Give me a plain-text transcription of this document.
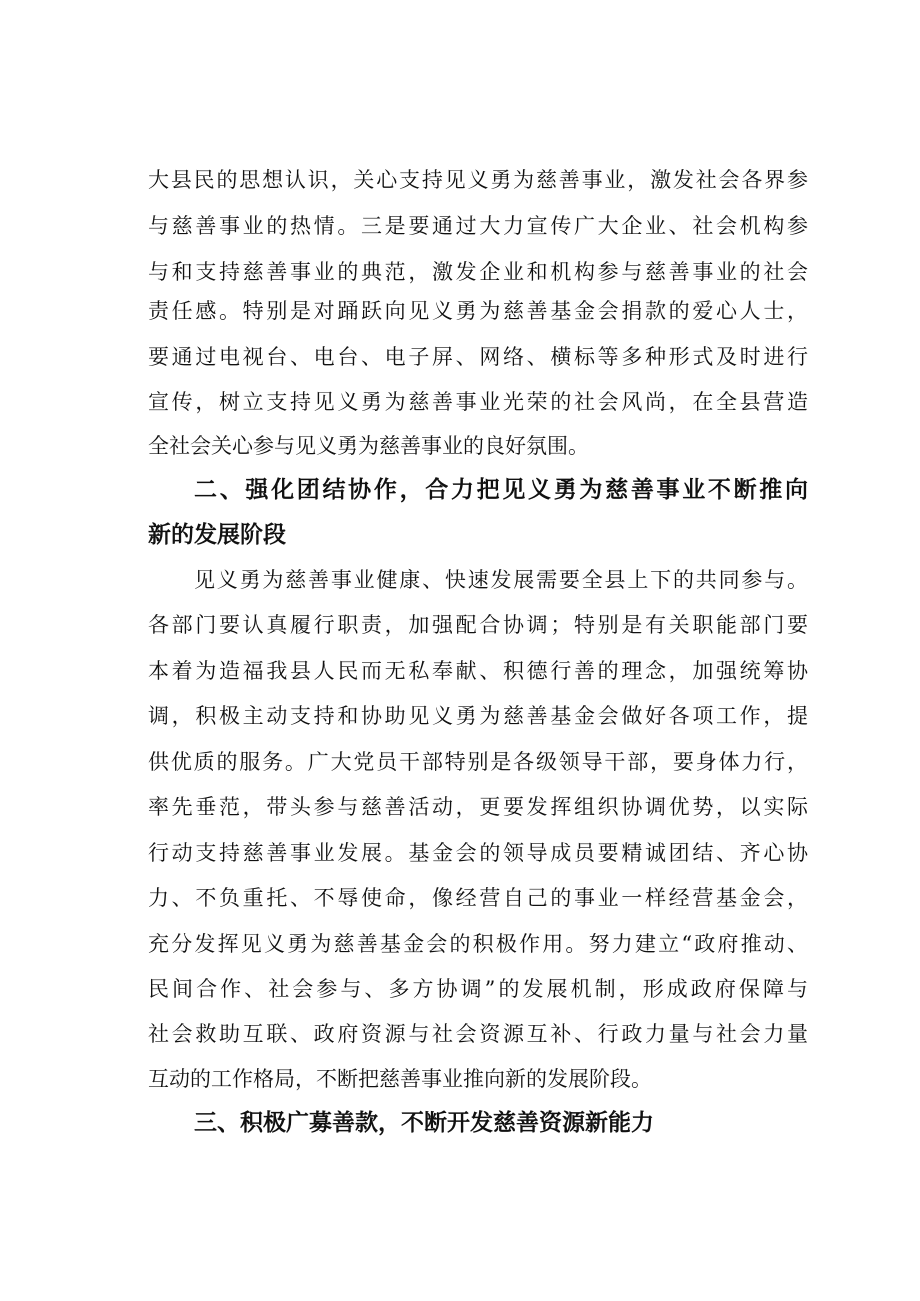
大县民的思想认识，关心支持见义勇为慈善事业，激发社会各界参
与慈善事业的热情。三是要通过大力宣传广大企业、社会机构参
与和支持慈善事业的典范，激发企业和机构参与慈善事业的社会
责任感。特别是对踊跃向见义勇为慈善基金会捐款的爱心人士，
要通过电视台、电台、电子屏、网络、横标等多种形式及时进行
宣传，树立支持见义勇为慈善事业光荣的社会风尚，在全县营造
全社会关心参与见义勇为慈善事业的良好氛围。
二、强化团结协作，合力把见义勇为慈善事业不断推向
新的发展阶段
见义勇为慈善事业健康、快速发展需要全县上下的共同参与。
各部门要认真履行职责，加强配合协调；特别是有关职能部门要
本着为造福我县人民而无私奉献、积德行善的理念，加强统筹协
调，积极主动支持和协助见义勇为慈善基金会做好各项工作，提
供优质的服务。广大党员干部特别是各级领导干部，要身体力行，
率先垂范，带头参与慈善活动，更要发挥组织协调优势，以实际
行动支持慈善事业发展。基金会的领导成员要精诚团结、齐心协
力、不负重托、不辱使命，像经营自己的事业一样经营基金会，
充分发挥见义勇为慈善基金会的积极作用。努力建立“政府推动、
民间合作、社会参与、多方协调”的发展机制，形成政府保障与
社会救助互联、政府资源与社会资源互补、行政力量与社会力量
互动的工作格局，不断把慈善事业推向新的发展阶段。
三、积极广募善款，不断开发慈善资源新能力
